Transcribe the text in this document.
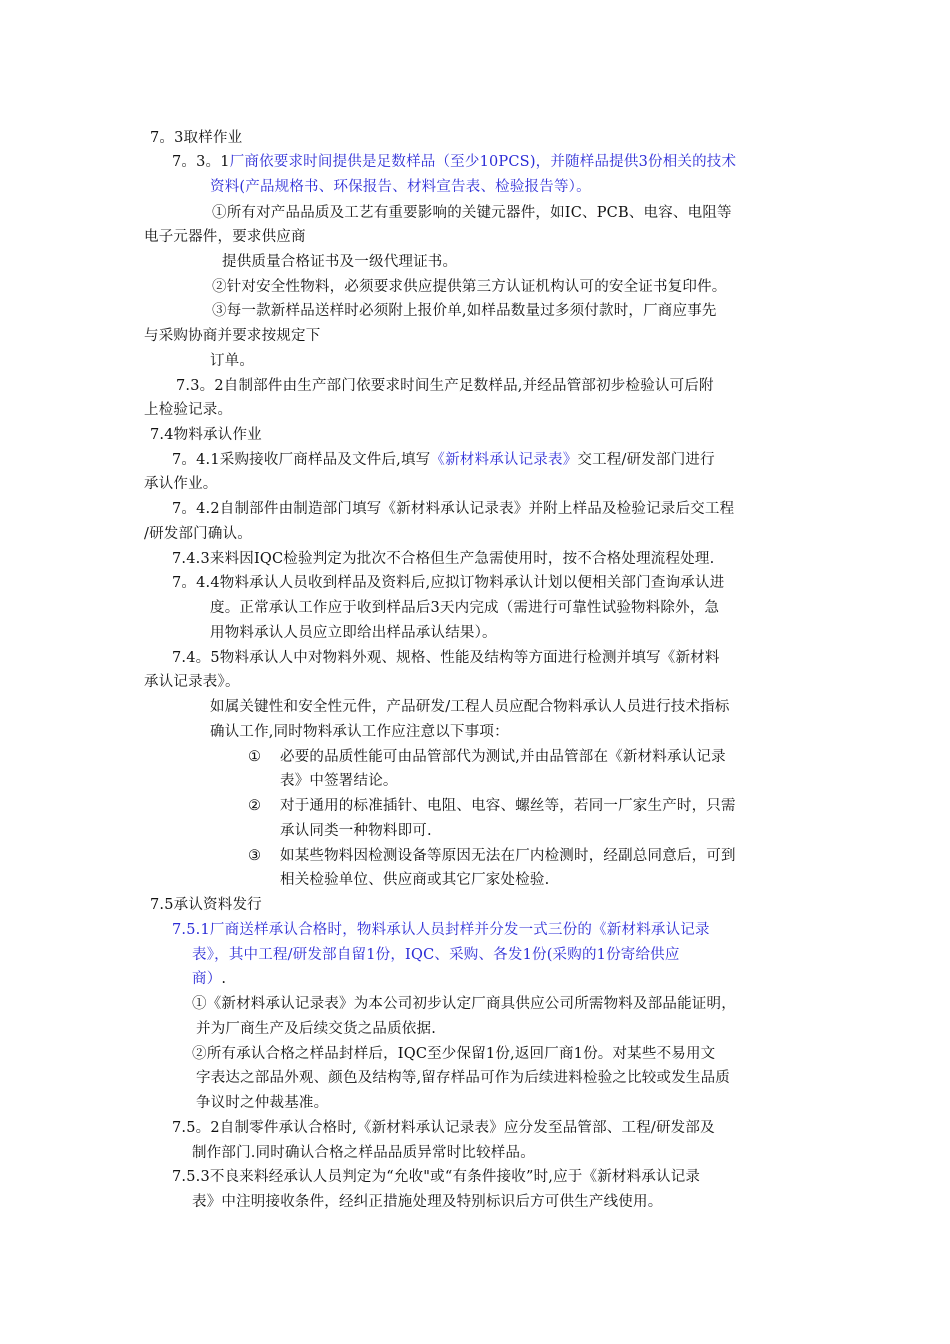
7。3取样作业
7。3。1厂商依要求时间提供是足数样品（至少10PCS)，并随样品提供3份相关的技术
资料(产品规格书、环保报告、材料宣告表、检验报告等）。
①所有对产品品质及工艺有重要影响的关键元器件，如IC、PCB、电容、电阻等
电子元器件，要求供应商
提供质量合格证书及一级代理证书。
②针对安全性物料，必须要求供应提供第三方认证机构认可的安全证书复印件。
③每一款新样品送样时必须附上报价单,如样品数量过多须付款时，厂商应事先
与采购协商并要求按规定下
订单。
7.3。2自制部件由生产部门依要求时间生产足数样品,并经品管部初步检验认可后附
上检验记录。
7.4物料承认作业
7。4.1采购接收厂商样品及文件后,填写《新材料承认记录表》交工程/研发部门进行
承认作业。
7。4.2自制部件由制造部门填写《新材料承认记录表》并附上样品及检验记录后交工程
/研发部门确认。
7.4.3来料因IQC检验判定为批次不合格但生产急需使用时，按不合格处理流程处理.
7。4.4物料承认人员收到样品及资料后,应拟订物料承认计划以便相关部门查询承认进
度。正常承认工作应于收到样品后3天内完成（需进行可靠性试验物料除外，急
用物料承认人员应立即给出样品承认结果）。
7.4。5物料承认人中对物料外观、规格、性能及结构等方面进行检测并填写《新材料
承认记录表》。
如属关键性和安全性元件，产品研发/工程人员应配合物料承认人员进行技术指标
确认工作,同时物料承认工作应注意以下事项：
① 必要的品质性能可由品管部代为测试,并由品管部在《新材料承认记录
表》中签署结论。
② 对于通用的标准插针、电阻、电容、螺丝等，若同一厂家生产时，只需
承认同类一种物料即可.
③ 如某些物料因检测设备等原因无法在厂内检测时，经副总同意后，可到
相关检验单位、供应商或其它厂家处检验.
7.5承认资料发行
7.5.1厂商送样承认合格时，物料承认人员封样并分发一式三份的《新材料承认记录
表》，其中工程/研发部自留1份，IQC、采购、各发1份(采购的1份寄给供应
商）.
①《新材料承认记录表》为本公司初步认定厂商具供应公司所需物料及部品能证明，
并为厂商生产及后续交货之品质依据.
②所有承认合格之样品封样后，IQC至少保留1份,返回厂商1份。对某些不易用文
字表达之部品外观、颜色及结构等,留存样品可作为后续进料检验之比较或发生品质
争议时之仲裁基准。
7.5。2自制零件承认合格时,《新材料承认记录表》应分发至品管部、工程/研发部及
制作部门.同时确认合格之样品品质异常时比较样品。
7.5.3不良来料经承认人员判定为“允收"或“有条件接收”时,应于《新材料承认记录
表》中注明接收条件，经纠正措施处理及特别标识后方可供生产线使用。
